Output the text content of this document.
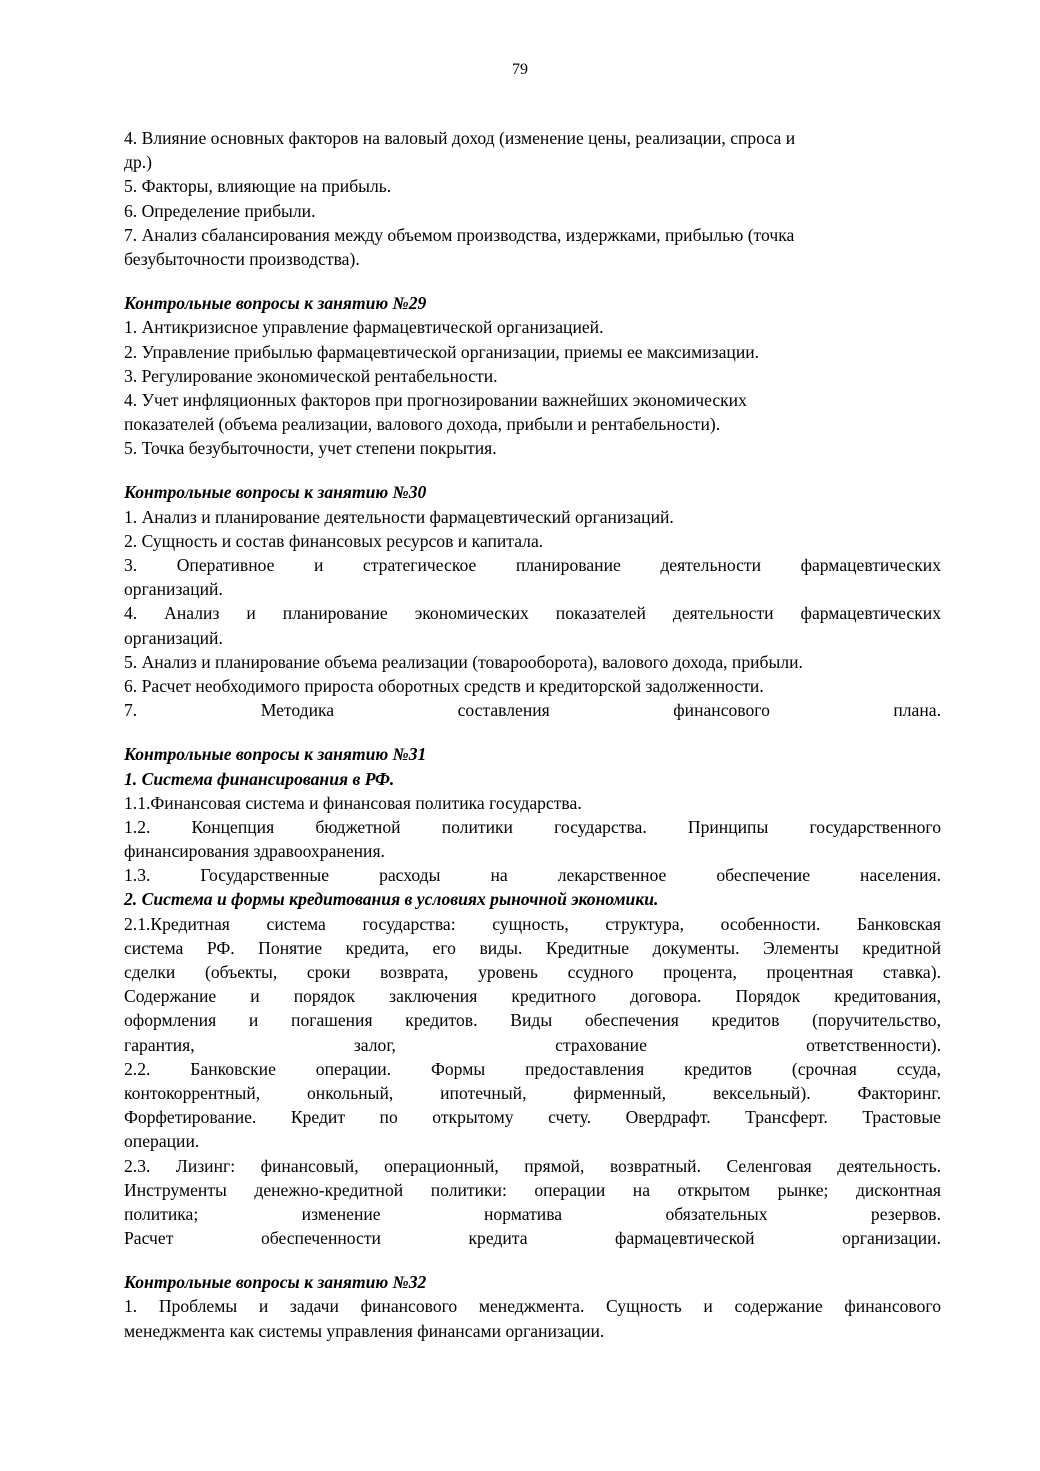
79
4. Влияние основных факторов на валовый доход (изменение цены, реализации, спроса и
др.)
5. Факторы, влияющие на прибыль.
6. Определение прибыли.
7. Анализ сбалансирования между объемом производства, издержками, прибылью (точка
безубыточности производства).
Контрольные вопросы к занятию №29
1. Антикризисное управление фармацевтической организацией.
2. Управление прибылью фармацевтической организации, приемы ее максимизации.
3. Регулирование экономической рентабельности.
4. Учет инфляционных факторов при прогнозировании важнейших экономических
показателей (объема реализации, валового дохода, прибыли и рентабельности).
5. Точка безубыточности, учет степени покрытия.
Контрольные вопросы к занятию №30
1. Анализ и планирование деятельности фармацевтический организаций.
2. Сущность и состав финансовых ресурсов и капитала.
3. Оперативное и стратегическое планирование деятельности фармацевтических
организаций.
4. Анализ и планирование экономических показателей деятельности фармацевтических
организаций.
5. Анализ и планирование объема реализации (товарооборота), валового дохода, прибыли.
6. Расчет необходимого прироста оборотных средств и кредиторской задолженности.
7. Методика составления финансового плана.
Контрольные вопросы к занятию №31
1. Система финансирования в РФ.
1.1.Финансовая система и финансовая политика государства.
1.2. Концепция бюджетной политики государства. Принципы государственного
финансирования здравоохранения.
1.3. Государственные расходы на лекарственное обеспечение населения.
2. Система и формы кредитования в условиях рыночной экономики.
2.1.Кредитная система государства: сущность, структура, особенности. Банковская
система РФ. Понятие кредита, его виды. Кредитные документы. Элементы кредитной
сделки (объекты, сроки возврата, уровень ссудного процента, процентная ставка).
Содержание и порядок заключения кредитного договора. Порядок кредитования,
оформления и погашения кредитов. Виды обеспечения кредитов (поручительство,
гарантия, залог, страхование ответственности).
2.2. Банковские операции. Формы предоставления кредитов (срочная ссуда,
контокоррентный, онкольный, ипотечный, фирменный, вексельный). Факторинг.
Форфетирование. Кредит по открытому счету. Овердрафт. Трансферт. Трастовые
операции.
2.3. Лизинг: финансовый, операционный, прямой, возвратный. Селенговая деятельность.
Инструменты денежно-кредитной политики: операции на открытом рынке; дисконтная
политика; изменение норматива обязательных резервов.
Расчет обеспеченности кредита фармацевтической организации.
Контрольные вопросы к занятию №32
1. Проблемы и задачи финансового менеджмента. Сущность и содержание финансового
менеджмента как системы управления финансами организации.
